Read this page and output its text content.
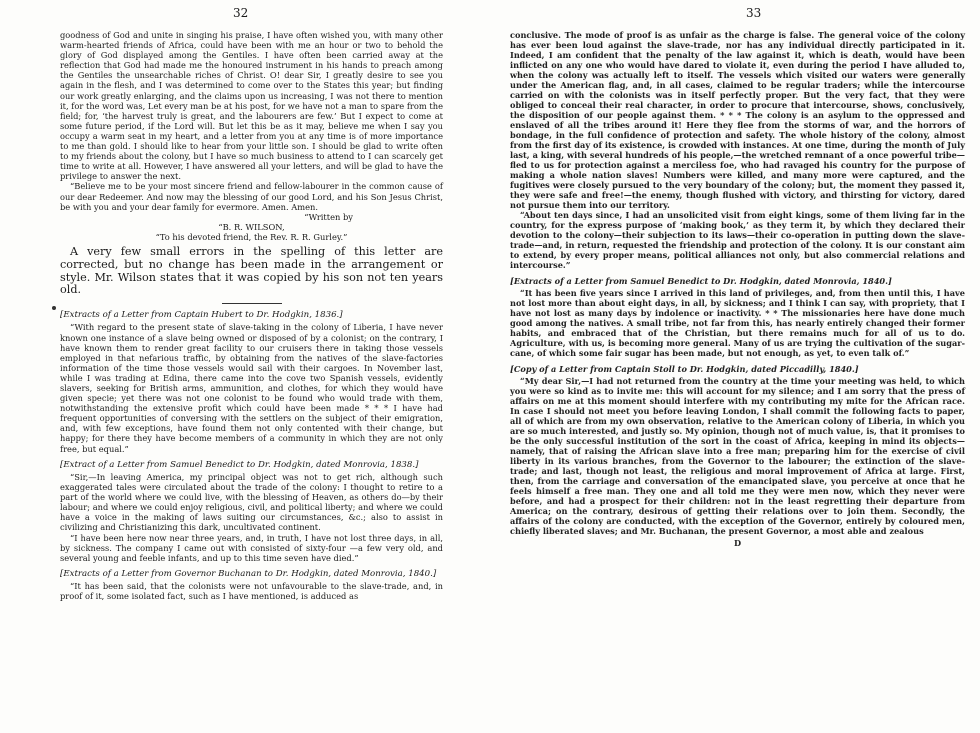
32

goodness of God and unite in singing his praise, I have often wished you, with many other warm-hearted friends of Africa, could have been with me an hour or two to behold the glory of God displayed among the Gentiles. I have often been carried away at the reflection that God had made me the honoured instrument in his hands to preach among the Gentiles the unsearchable riches of Christ. O! dear Sir, I greatly desire to see you again in the flesh, and I was determined to come over to the States this year; but finding our work greatly enlarging, and the claims upon us increasing, I was not there to mention it, for the word was, Let every man be at his post, for we have not a man to spare from the field; for, ‘the harvest truly is great, and the labourers are few.’ But I expect to come at some future period, if the Lord will. But let this be as it may, believe me when I say you occupy a warm seat in my heart, and a letter from you at any time is of more importance to me than gold. I should like to hear from your little son. I should be glad to write often to my friends about the colony, but I have so much business to attend to I can scarcely get time to write at all. However, I have answered all your letters, and will be glad to have the privilege to answer the next.

“Believe me to be your most sincere friend and fellow-labourer in the common cause of our dear Redeemer. And now may the blessing of our good Lord, and his Son Jesus Christ, be with you and your dear family for evermore. Amen. Amen.

“Written by

“B. R. WILSON,

“To his devoted friend, the Rev. R. R. Gurley.”

A very few small errors in the spelling of this letter are corrected, but no change has been made in the arrangement or style. Mr. Wilson states that it was copied by his son not ten years old.

[Extracts of a Letter from Captain Hubert to Dr. Hodgkin, 1836.]

“With regard to the present state of slave-taking in the colony of Liberia, I have never known one instance of a slave being owned or disposed of by a colonist; on the contrary, I have known them to render great facility to our cruisers there in taking those vessels employed in that nefarious traffic, by obtaining from the natives of the slave-factories information of the time those vessels would sail with their cargoes. In November last, while I was trading at Edina, there came into the cove two Spanish vessels, evidently slavers, seeking for British arms, ammunition, and clothes, for which they would have given specie; yet there was not one colonist to be found who would trade with them, notwithstanding the extensive profit which could have been made * * * I have had frequent opportunities of conversing with the settlers on the subject of their emigration, and, with few exceptions, have found them not only contented with their change, but happy; for there they have become members of a community in which they are not only free, but equal.”

[Extract of a Letter from Samuel Benedict to Dr. Hodgkin, dated Monrovia, 1838.]

“Sir,—In leaving America, my principal object was not to get rich, although such exaggerated tales were circulated about the trade of the colony: I thought to retire to a part of the world where we could live, with the blessing of Heaven, as others do—by their labour; and where we could enjoy religious, civil, and political liberty; and where we could have a voice in the making of laws suiting our circumstances, &c.; also to assist in civilizing and Christianizing this dark, uncultivated continent.

“I have been here now near three years, and, in truth, I have not lost three days, in all, by sickness. The company I came out with consisted of sixty-four —a few very old, and several young and feeble infants, and up to this time seven have died.”

[Extracts of a Letter from Governor Buchanan to Dr. Hodgkin, dated Monrovia, 1840.]

“It has been said, that the colonists were not unfavourable to the slave-trade, and, in proof of it, some isolated fact, such as I have mentioned, is adduced as

33

conclusive. The mode of proof is as unfair as the charge is false. The general voice of the colony has ever been loud against the slave-trade, nor has any individual directly participated in it. Indeed, I am confident that the penalty of the law against it, which is death, would have been inflicted on any one who would have dared to violate it, even during the period I have alluded to, when the colony was actually left to itself. The vessels which visited our waters were generally under the American flag, and, in all cases, claimed to be regular traders; while the intercourse carried on with the colonists was in itself perfectly proper. But the very fact, that they were obliged to conceal their real character, in order to procure that intercourse, shows, conclusively, the disposition of our people against them. * * * The colony is an asylum to the oppressed and enslaved of all the tribes around it! Here they flee from the storms of war, and the horrors of bondage, in the full confidence of protection and safety. The whole history of the colony, almost from the first day of its existence, is crowded with instances. At one time, during the month of July last, a king, with several hundreds of his people,—the wretched remnant of a once powerful tribe—fled to us for protection against a merciless foe, who had ravaged his country for the purpose of making a whole nation slaves! Numbers were killed, and many more were captured, and the fugitives were closely pursued to the very boundary of the colony; but, the moment they passed it, they were safe and free!—the enemy, though flushed with victory, and thirsting for victory, dared not pursue them into our territory.

“About ten days since, I had an unsolicited visit from eight kings, some of them living far in the country, for the express purpose of ‘making book,’ as they term it, by which they declared their devotion to the colony—their subjection to its laws—their co-operation in putting down the slave-trade—and, in return, requested the friendship and protection of the colony. It is our constant aim to extend, by every proper means, political alliances not only, but also commercial relations and intercourse.”

[Extracts of a Letter from Samuel Benedict to Dr. Hodgkin, dated Monrovia, 1840.]

“It has been five years since I arrived in this land of privileges, and, from then until this, I have not lost more than about eight days, in all, by sickness; and I think I can say, with propriety, that I have not lost as many days by indolence or inactivity. * * The missionaries here have done much good among the natives. A small tribe, not far from this, has nearly entirely changed their former habits, and embraced that of the Christian, but there remains much for all of us to do. Agriculture, with us, is becoming more general. Many of us are trying the cultivation of the sugar-cane, of which some fair sugar has been made, but not enough, as yet, to even talk of.”

[Copy of a Letter from Captain Stoll to Dr. Hodgkin, dated Piccadilly, 1840.]

“My dear Sir,—I had not returned from the country at the time your meeting was held, to which you were so kind as to invite me: this will account for my silence; and I am sorry that the press of affairs on me at this moment should interfere with my contributing my mite for the African race. In case I should not meet you before leaving London, I shall commit the following facts to paper, all of which are from my own observation, relative to the American colony of Liberia, in which you are so much interested, and justly so. My opinion, though not of much value, is, that it promises to be the only successful institution of the sort in the coast of Africa, keeping in mind its objects—namely, that of raising the African slave into a free man; preparing him for the exercise of civil liberty in its various branches, from the Governor to the labourer; the extinction of the slave-trade; and last, though not least, the religious and moral improvement of Africa at large. First, then, from the carriage and conversation of the emancipated slave, you perceive at once that he feels himself a free man. They one and all told me they were men now, which they never were before, and had a prospect for their children: not in the least regretting their departure from America; on the contrary, desirous of getting their relations over to join them. Secondly, the affairs of the colony are conducted, with the exception of the Governor, entirely by coloured men, chiefly liberated slaves; and Mr. Buchanan, the present Governor, a most able and zealous

D
